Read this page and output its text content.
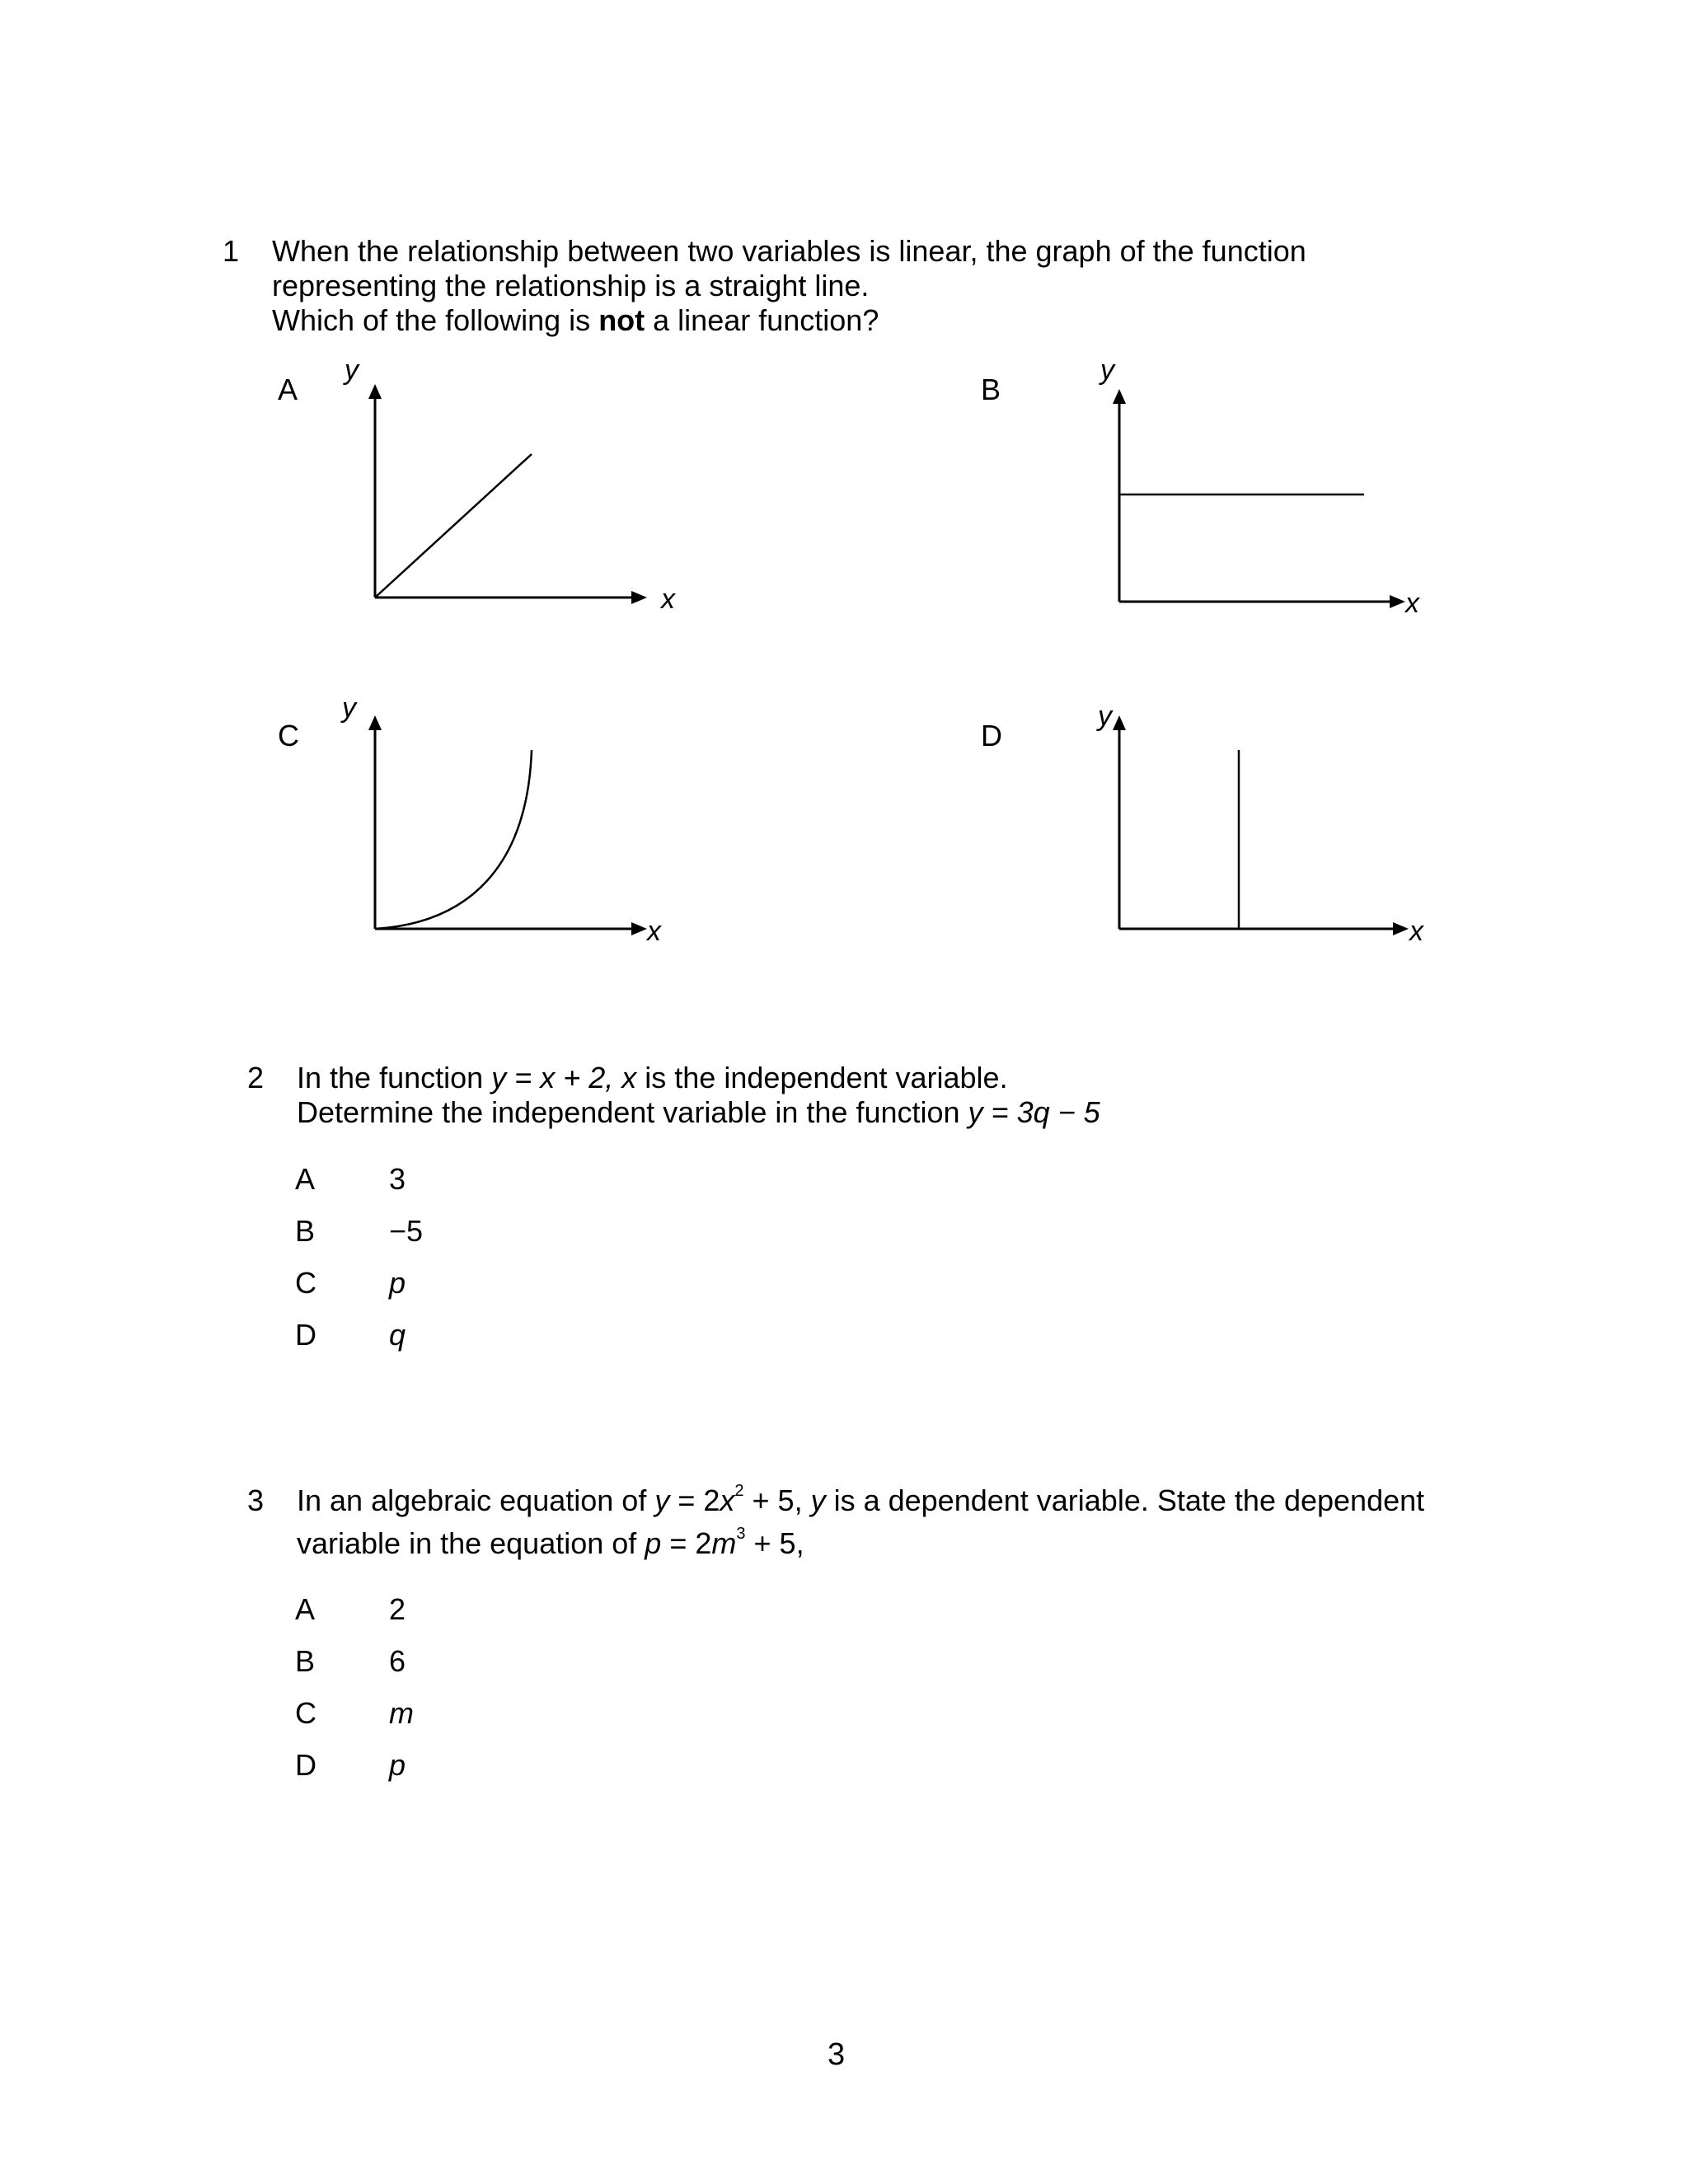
1 When the relationship between two variables is linear, the graph of the function
representing the relationship is a straight line.
Which of the following is not a linear function?
A
y
x
B
y
x
C
y
x
D
y
x
2 In the function y = x + 2, x is the independent variable.
Determine the independent variable in the function y = 3q − 5
A 3
B −5
C p
D q
3 In an algebraic equation of $y = 2x^2 + 5$, y is a dependent variable. State the dependent
variable in the equation of $p = 2m^3 + 5$,
A 2
B 6
C m
D p
3
